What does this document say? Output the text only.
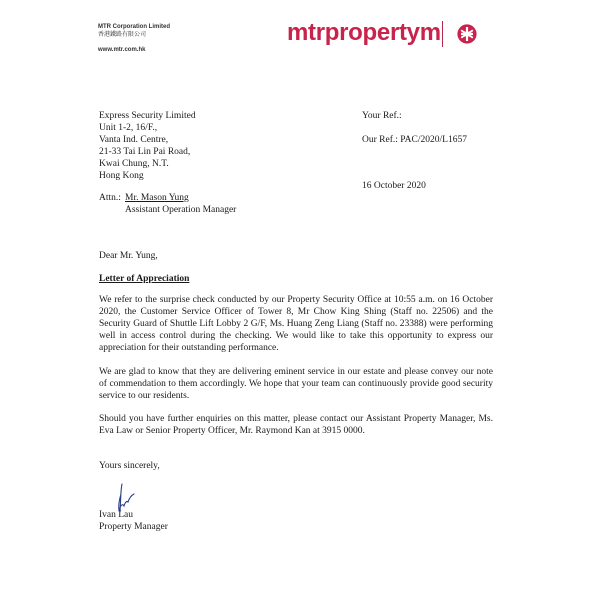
MTR Corporation Limited
香港鐵路有限公司
www.mtr.com.hk
mtrpropertym
Express Security Limited
Unit 1-2, 16/F.,
Vanta Ind. Centre,
21-33 Tai Lin Pai Road,
Kwai Chung, N.T.
Hong Kong
Your Ref.:
Our Ref.: PAC/2020/L1657
16 October 2020
Attn.: Mr. Mason Yung
Assistant Operation Manager
Dear Mr. Yung,
Letter of Appreciation
We refer to the surprise check conducted by our Property Security Office at 10:55 a.m. on 16 October 2020, the Customer Service Officer of Tower 8, Mr Chow King Shing (Staff no. 22506) and the Security Guard of Shuttle Lift Lobby 2 G/F, Ms. Huang Zeng Liang (Staff no. 23388) were performing well in access control during the checking. We would like to take this opportunity to express our appreciation for their outstanding performance.
We are glad to know that they are delivering eminent service in our estate and please convey our note of commendation to them accordingly. We hope that your team can continuously provide good security service to our residents.
Should you have further enquiries on this matter, please contact our Assistant Property Manager, Ms. Eva Law or Senior Property Officer, Mr. Raymond Kan at 3915 0000.
Yours sincerely,
Ivan Lau
Property Manager
